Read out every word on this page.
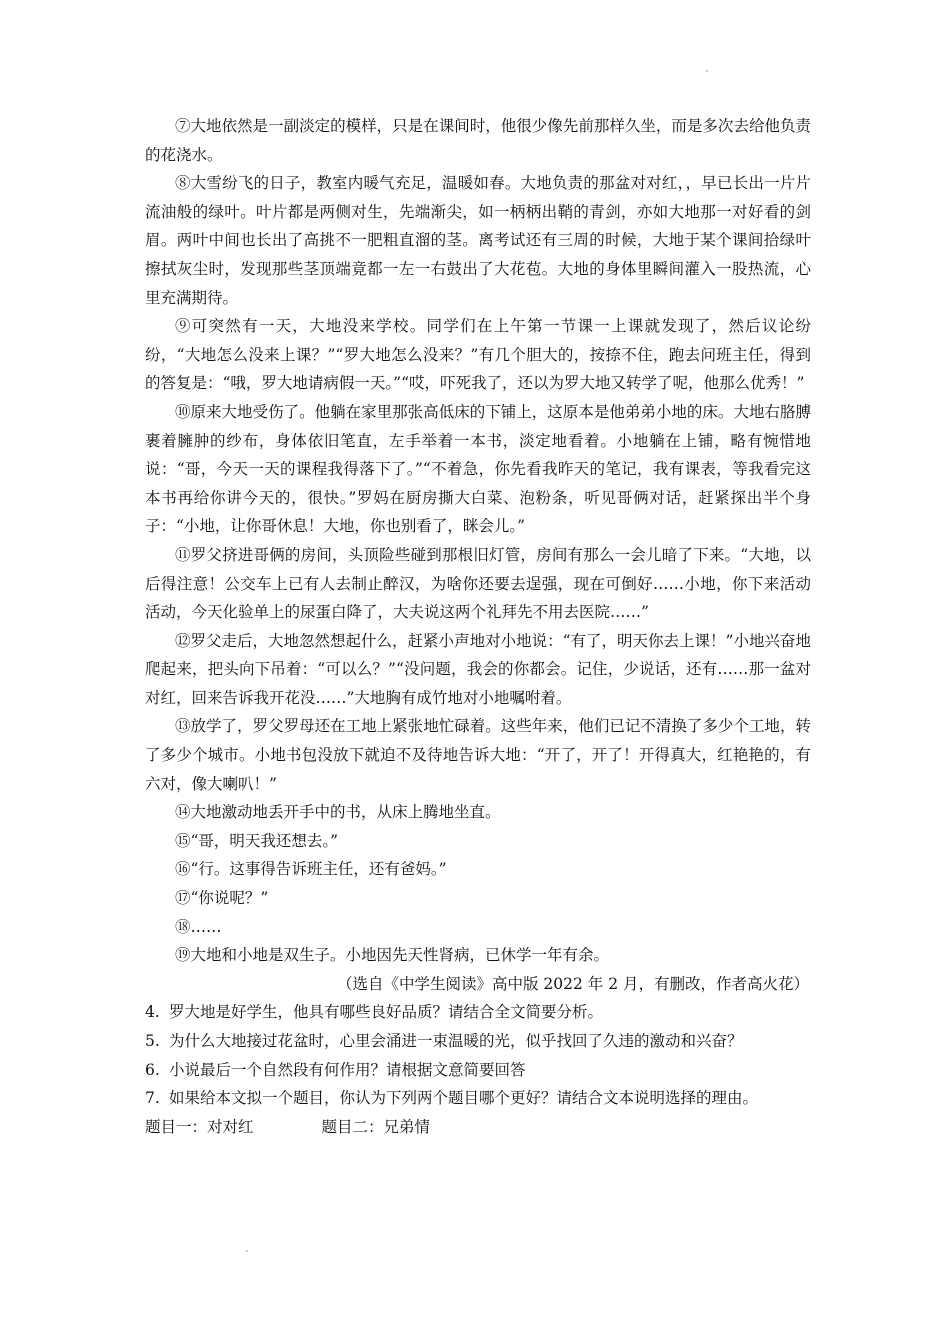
⑦大地依然是一副淡定的模样，只是在课间时，他很少像先前那样久坐，而是多次去给他负责的花浇水。

⑧大雪纷飞的日子，教室内暖气充足，温暖如春。大地负责的那盆对对红，，早已长出一片片流油般的绿叶。叶片都是两侧对生，先端渐尖，如一柄柄出鞘的青剑，亦如大地那一对好看的剑眉。两叶中间也长出了高挑不一肥粗直溜的茎。离考试还有三周的时候，大地于某个课间拾绿叶擦拭灰尘时，发现那些茎顶端竟都一左一右鼓出了大花苞。大地的身体里瞬间灌入一股热流，心里充满期待。

⑨可突然有一天，大地没来学校。同学们在上午第一节课一上课就发现了，然后议论纷纷，“大地怎么没来上课？”“罗大地怎么没来？”有几个胆大的，按捺不住，跑去问班主任，得到的答复是：“哦，罗大地请病假一天。”“哎，吓死我了，还以为罗大地又转学了呢，他那么优秀！”

⑩原来大地受伤了。他躺在家里那张高低床的下铺上，这原本是他弟弟小地的床。大地右胳膊裹着臃肿的纱布，身体依旧笔直，左手举着一本书，淡定地看着。小地躺在上铺，略有惋惜地说：“哥，今天一天的课程我得落下了。”“不着急，你先看我昨天的笔记，我有课表，等我看完这本书再给你讲今天的，很快。”罗妈在厨房撕大白菜、泡粉条，听见哥俩对话，赶紧探出半个身子：“小地，让你哥休息！大地，你也别看了，眯会儿。”

⑪罗父挤进哥俩的房间，头顶险些碰到那根旧灯管，房间有那么一会儿暗了下来。“大地，以后得注意！公交车上已有人去制止醉汉，为啥你还要去逞强，现在可倒好……小地，你下来活动活动，今天化验单上的尿蛋白降了，大夫说这两个礼拜先不用去医院……”

⑫罗父走后，大地忽然想起什么，赶紧小声地对小地说：“有了，明天你去上课！”小地兴奋地爬起来，把头向下吊着：“可以么？”“没问题，我会的你都会。记住，少说话，还有……那一盆对对红，回来告诉我开花没……”大地胸有成竹地对小地嘱咐着。

⑬放学了，罗父罗母还在工地上紧张地忙碌着。这些年来，他们已记不清换了多少个工地，转了多少个城市。小地书包没放下就迫不及待地告诉大地：“开了，开了！开得真大，红艳艳的，有六对，像大喇叭！”

⑭大地激动地丢开手中的书，从床上腾地坐直。

⑮“哥，明天我还想去。”

⑯“行。这事得告诉班主任，还有爸妈。”

⑰“你说呢？”

⑱……

⑲大地和小地是双生子。小地因先天性肾病，已休学一年有余。

（选自《中学生阅读》高中版 2022 年 2 月，有删改，作者高火花）

4. 罗大地是好学生，他具有哪些良好品质？请结合全文简要分析。

5. 为什么大地接过花盆时，心里会涌进一束温暖的光，似乎找回了久违的激动和兴奋？

6. 小说最后一个自然段有何作用？请根据文意简要回答

7. 如果给本文拟一个题目，你认为下列两个题目哪个更好？请结合文本说明选择的理由。

题目一：对对红	题目二：兄弟情
